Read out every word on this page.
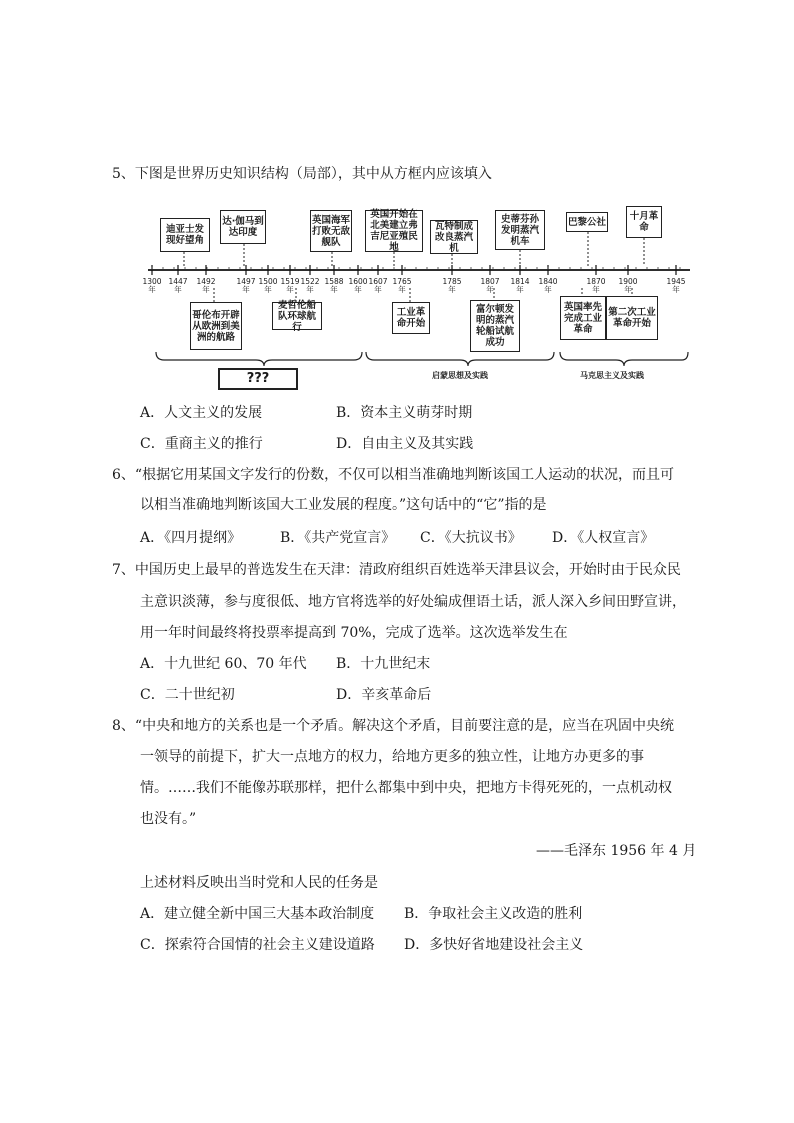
5、下图是世界历史知识结构（局部），其中从方框内应该填入
迪亚士发现好望角
达·伽马到达印度
英国海军打败无敌舰队
英国开始在北美建立弗吉尼亚殖民地
瓦特制成改良蒸汽机
史蒂芬孙发明蒸汽机车
巴黎公社	十月革命
1300
年
1447
年
1492
年
1497
年
1500
年
1519
年
1522
年
1588
年
1600
年
1607
年
1765
年
1785
年
1807
年
1814
年
1840
年
1870
年
1900
年
1945
年
哥伦布开辟从欧洲到美洲的航路
麦哲伦船队环球航行
工业革命开始
富尔顿发明的蒸汽轮船试航成功
英国率先完成工业革命
第二次工业革命开始
???	启蒙思想及实践	马克思主义及实践
A．人文主义的发展	B．资本主义萌芽时期
C．重商主义的推行	D．自由主义及其实践
6、“根据它用某国文字发行的份数，不仅可以相当准确地判断该国工人运动的状况，而且可
以相当准确地判断该国大工业发展的程度。”这句话中的“它”指的是
A．《四月提纲》	B．《共产党宣言》 C．《大抗议书》 D．《人权宣言》
7、中国历史上最早的普选发生在天津：清政府组织百姓选举天津县议会，开始时由于民众民
主意识淡薄，参与度很低、地方官将选举的好处编成俚语土话，派人深入乡间田野宣讲，
用一年时间最终将投票率提高到 70%，完成了选举。这次选举发生在
A．十九世纪 60、70 年代 B．十九世纪末
C．二十世纪初	D．辛亥革命后
8、“中央和地方的关系也是一个矛盾。解决这个矛盾，目前要注意的是，应当在巩固中央统
一领导的前提下，扩大一点地方的权力，给地方更多的独立性，让地方办更多的事
情。……我们不能像苏联那样，把什么都集中到中央，把地方卡得死死的，一点机动权
也没有。”
——毛泽东 1956 年 4 月
上述材料反映出当时党和人民的任务是
A．建立健全新中国三大基本政治制度 B．争取社会主义改造的胜利
C．探索符合国情的社会主义建设道路 D．多快好省地建设社会主义
